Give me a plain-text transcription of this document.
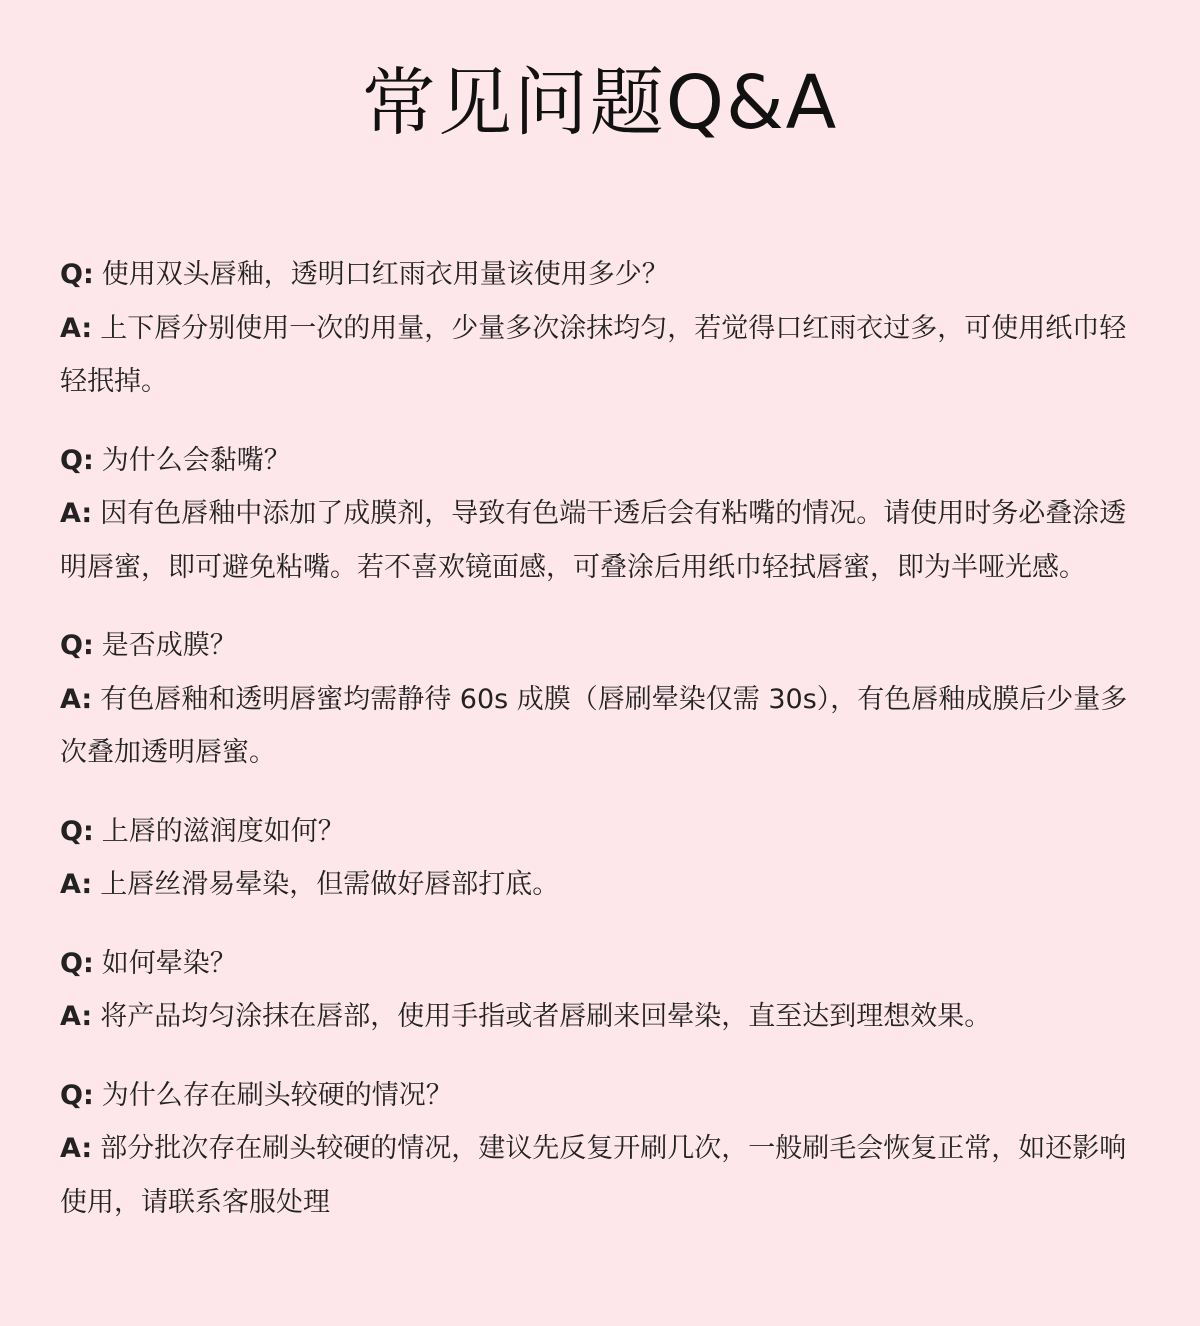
常见问题Q&A
Q: 使用双头唇釉，透明口红雨衣用量该使用多少？
A: 上下唇分别使用一次的用量，少量多次涂抹均匀，若觉得口红雨衣过多，可使用纸巾轻轻抿掉。
Q: 为什么会黏嘴？
A: 因有色唇釉中添加了成膜剂，导致有色端干透后会有粘嘴的情况。请使用时务必叠涂透明唇蜜，即可避免粘嘴。若不喜欢镜面感，可叠涂后用纸巾轻拭唇蜜，即为半哑光感。
Q: 是否成膜？
A: 有色唇釉和透明唇蜜均需静待 60s 成膜（唇刷晕染仅需 30s），有色唇釉成膜后少量多次叠加透明唇蜜。
Q: 上唇的滋润度如何？
A: 上唇丝滑易晕染，但需做好唇部打底。
Q: 如何晕染？
A: 将产品均匀涂抹在唇部，使用手指或者唇刷来回晕染，直至达到理想效果。
Q: 为什么存在刷头较硬的情况？
A: 部分批次存在刷头较硬的情况，建议先反复开刷几次，一般刷毛会恢复正常，如还影响使用，请联系客服处理
